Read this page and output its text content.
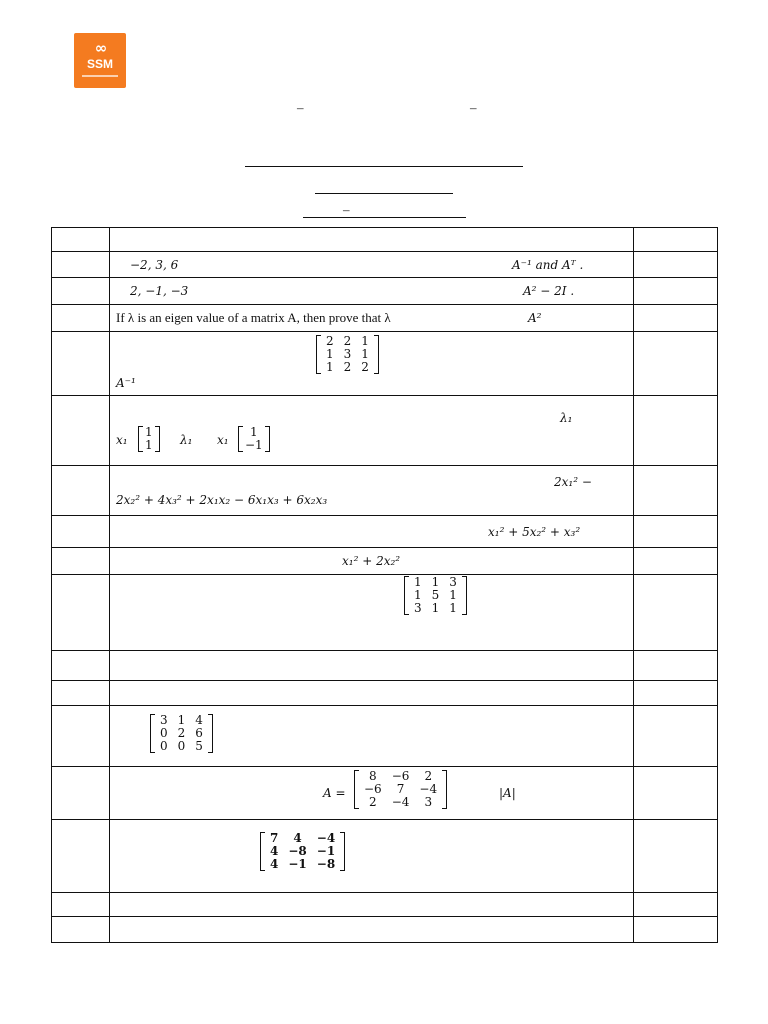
∞
SSM
–	–
–

−2, 3, 6	A⁻¹ and Aᵀ .

2, −1, −3	A² − 2I .

If λ is an eigen value of a matrix A, then prove that λ	A²

2	2	1
1	3	1
1	2	2
A⁻¹

λ₁
x₁
1
1 λ₁ x₁
1
−1

2x₁² −
2x₂² + 4x₃² + 2x₁x₂ − 6x₁x₃ + 6x₂x₃

x₁² + 5x₂² + x₃²

x₁² + 2x₂²

1	1	3
1	5	1
3	1	1

3	1	4
0	2	6
0	0	5

A =
8	−6	2
−6	7	−4
2	−4	3
|A|

7	4	−4
4	−8	−1
4	−1	−8
